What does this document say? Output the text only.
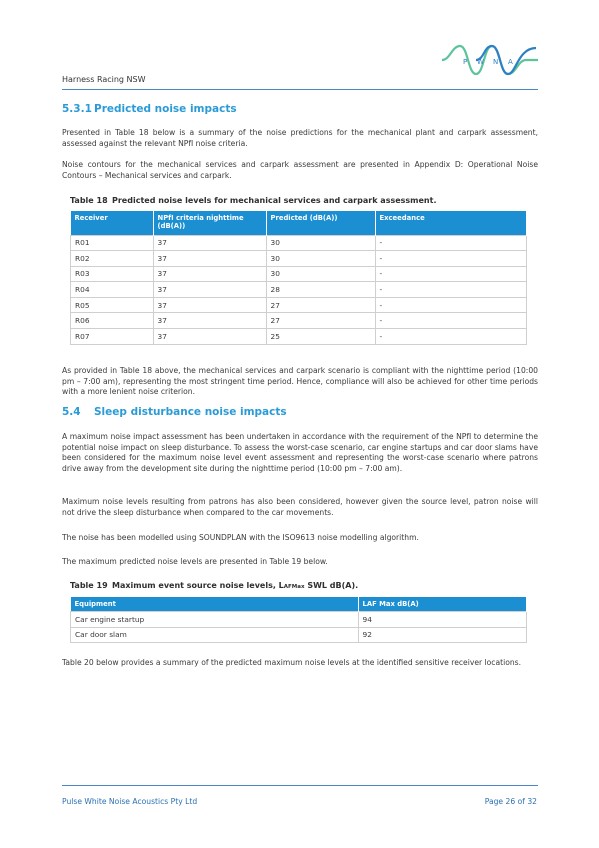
Harness Racing NSW
P W N A
5.3.1 Predicted noise impacts
Presented in Table 18 below is a summary of the noise predictions for the mechanical plant and carpark assessment, assessed against the relevant NPfI noise criteria.
Noise contours for the mechanical services and carpark assessment are presented in Appendix D: Operational Noise Contours – Mechanical services and carpark.
Table 18 Predicted noise levels for mechanical services and carpark assessment.
Receiver	NPfI criteria nighttime (dB(A))	Predicted (dB(A))	Exceedance
R01	37	30	-
R02	37	30	-
R03	37	30	-
R04	37	28	-
R05	37	27	-
R06	37	27	-
R07	37	25	-
As provided in Table 18 above, the mechanical services and carpark scenario is compliant with the nighttime period (10:00 pm – 7:00 am), representing the most stringent time period. Hence, compliance will also be achieved for other time periods with a more lenient noise criterion.
5.4 Sleep disturbance noise impacts
A maximum noise impact assessment has been undertaken in accordance with the requirement of the NPfI to determine the potential noise impact on sleep disturbance. To assess the worst-case scenario, car engine startups and car door slams have been considered for the maximum noise level event assessment and representing the worst-case scenario where patrons drive away from the development site during the nighttime period (10:00 pm – 7:00 am).
Maximum noise levels resulting from patrons has also been considered, however given the source level, patron noise will not drive the sleep disturbance when compared to the car movements.
The noise has been modelled using SOUNDPLAN with the ISO9613 noise modelling algorithm.
The maximum predicted noise levels are presented in Table 19 below.
Table 19 Maximum event source noise levels, LAFMax SWL dB(A).
Equipment	LAF Max dB(A)
Car engine startup	94
Car door slam	92
Table 20 below provides a summary of the predicted maximum noise levels at the identified sensitive receiver locations.
Pulse White Noise Acoustics Pty Ltd	Page 26 of 32
